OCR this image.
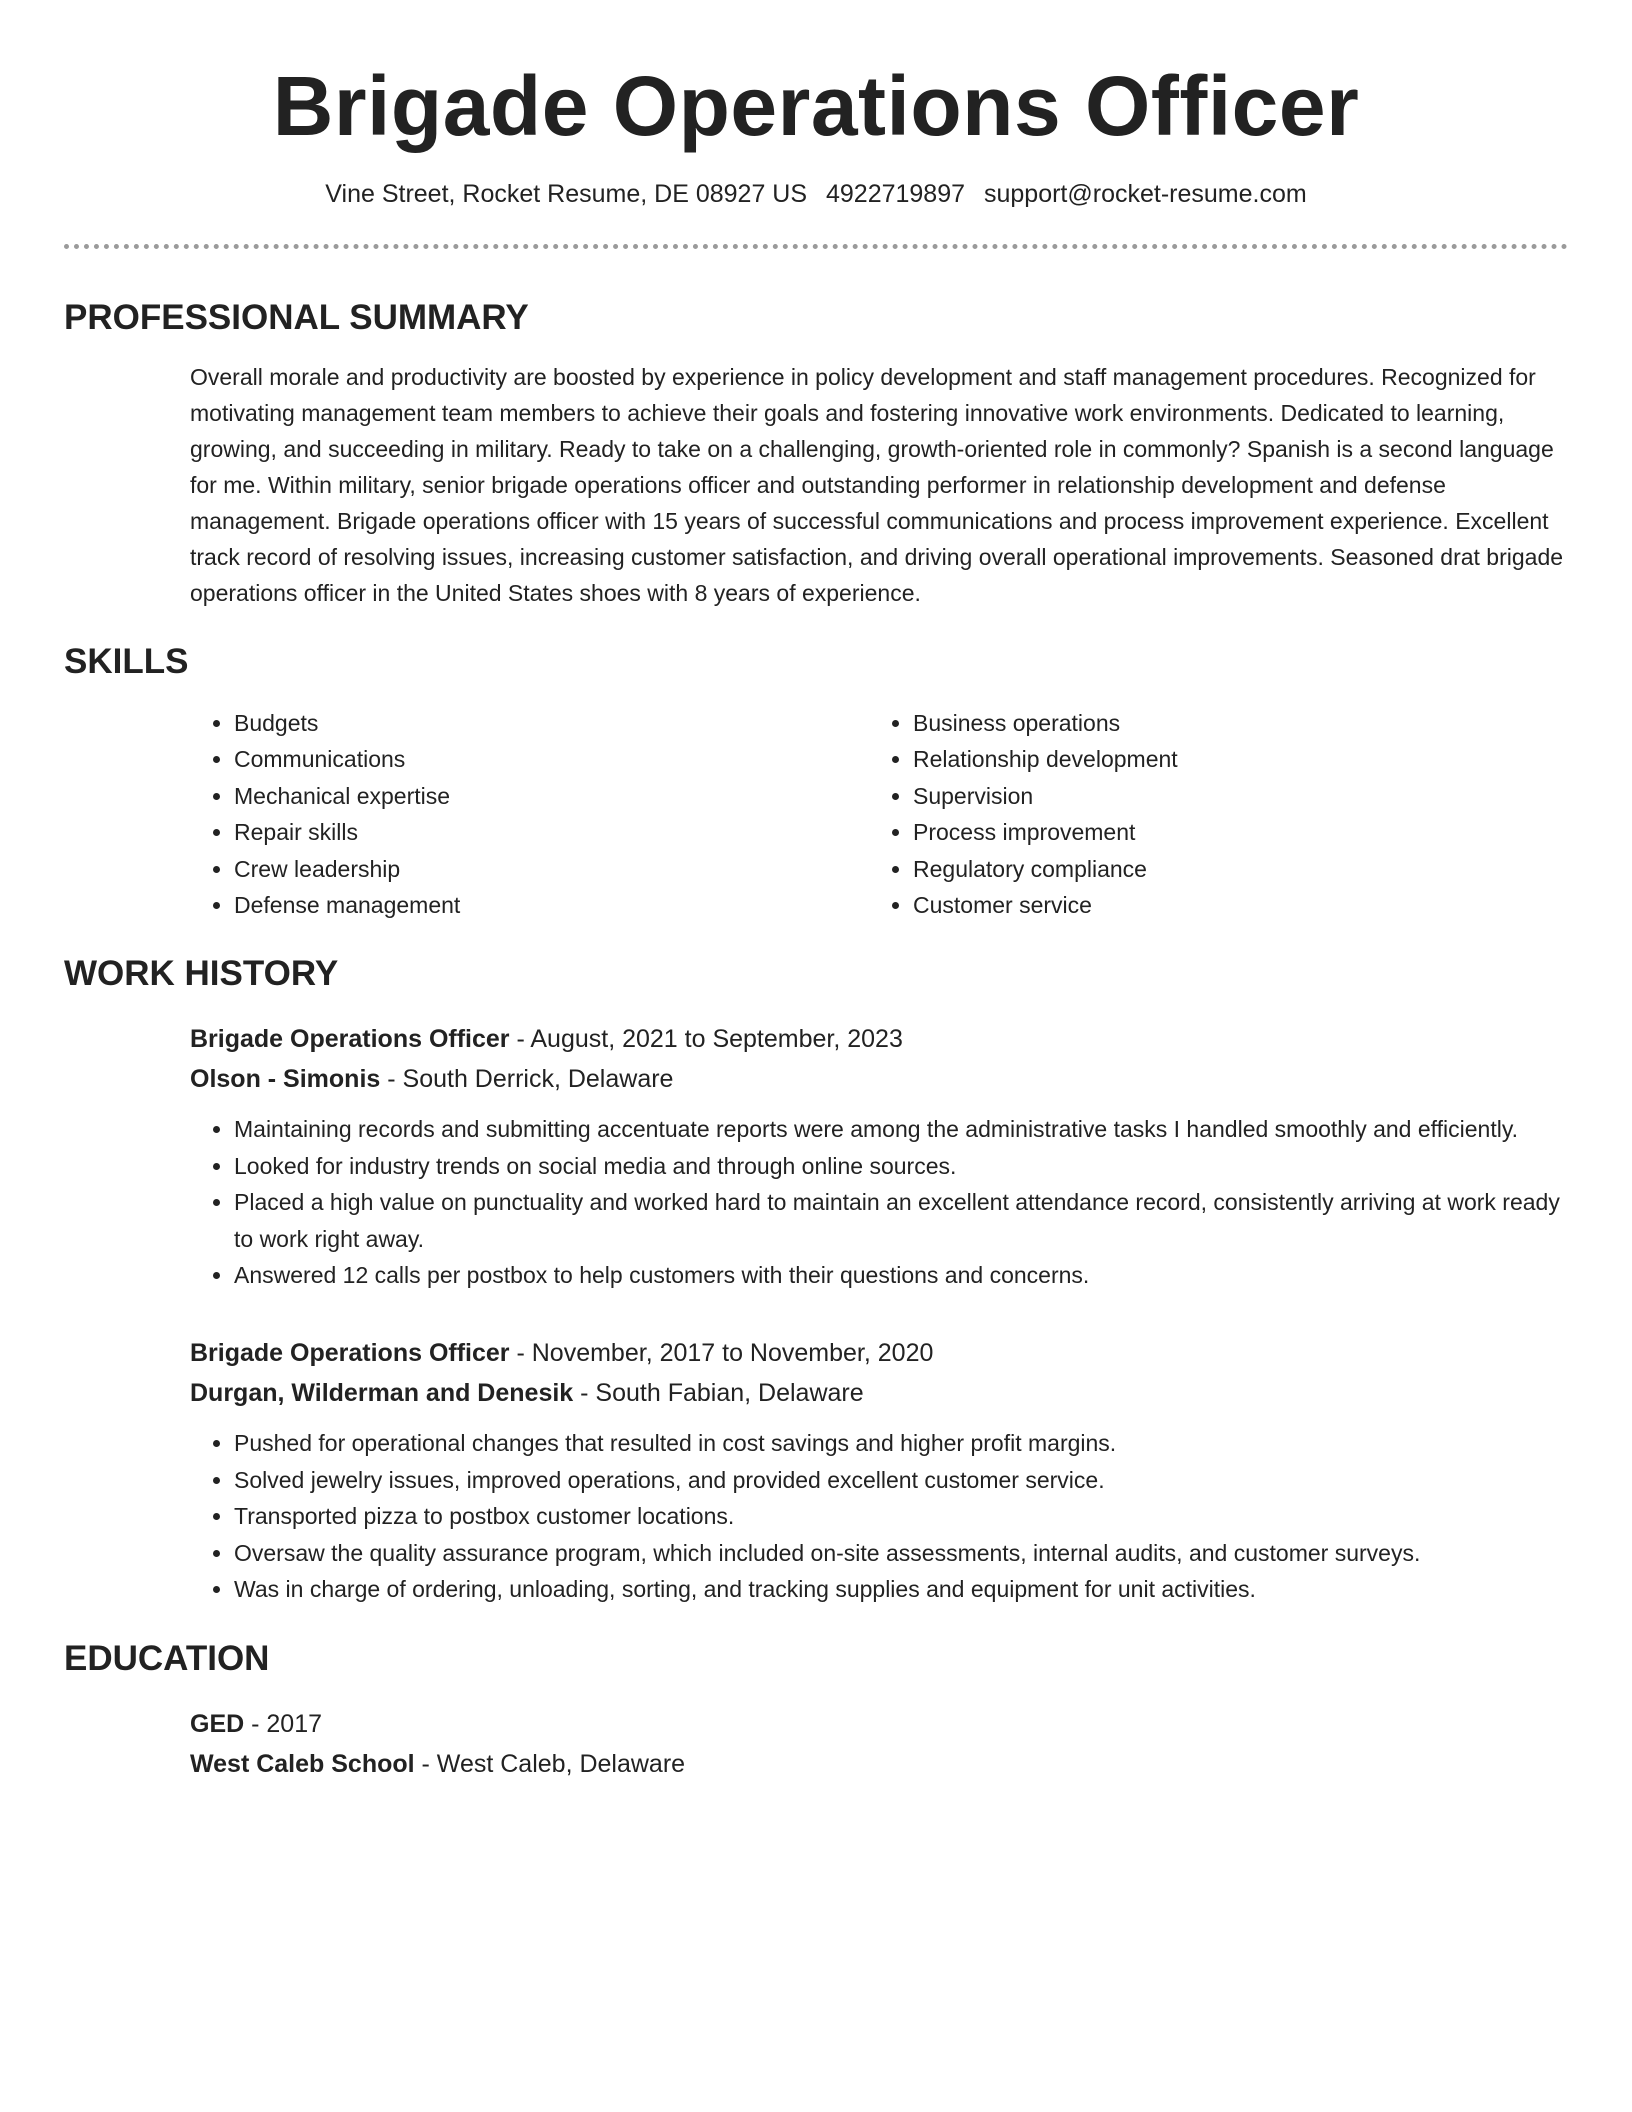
Brigade Operations Officer
Vine Street, Rocket Resume, DE 08927 US 4922719897 support@rocket-resume.com
PROFESSIONAL SUMMARY
Overall morale and productivity are boosted by experience in policy development and staff management procedures. Recognized for motivating management team members to achieve their goals and fostering innovative work environments. Dedicated to learning, growing, and succeeding in military. Ready to take on a challenging, growth-oriented role in commonly? Spanish is a second language for me. Within military, senior brigade operations officer and outstanding performer in relationship development and defense management. Brigade operations officer with 15 years of successful communications and process improvement experience. Excellent track record of resolving issues, increasing customer satisfaction, and driving overall operational improvements. Seasoned drat brigade operations officer in the United States shoes with 8 years of experience.
SKILLS
• Budgets
• Communications
• Mechanical expertise
• Repair skills
• Crew leadership
• Defense management
• Business operations
• Relationship development
• Supervision
• Process improvement
• Regulatory compliance
• Customer service
WORK HISTORY
Brigade Operations Officer - August, 2021 to September, 2023
Olson - Simonis - South Derrick, Delaware
• Maintaining records and submitting accentuate reports were among the administrative tasks I handled smoothly and efficiently.
• Looked for industry trends on social media and through online sources.
• Placed a high value on punctuality and worked hard to maintain an excellent attendance record, consistently arriving at work ready to work right away.
• Answered 12 calls per postbox to help customers with their questions and concerns.
Brigade Operations Officer - November, 2017 to November, 2020
Durgan, Wilderman and Denesik - South Fabian, Delaware
• Pushed for operational changes that resulted in cost savings and higher profit margins.
• Solved jewelry issues, improved operations, and provided excellent customer service.
• Transported pizza to postbox customer locations.
• Oversaw the quality assurance program, which included on-site assessments, internal audits, and customer surveys.
• Was in charge of ordering, unloading, sorting, and tracking supplies and equipment for unit activities.
EDUCATION
GED - 2017
West Caleb School - West Caleb, Delaware
